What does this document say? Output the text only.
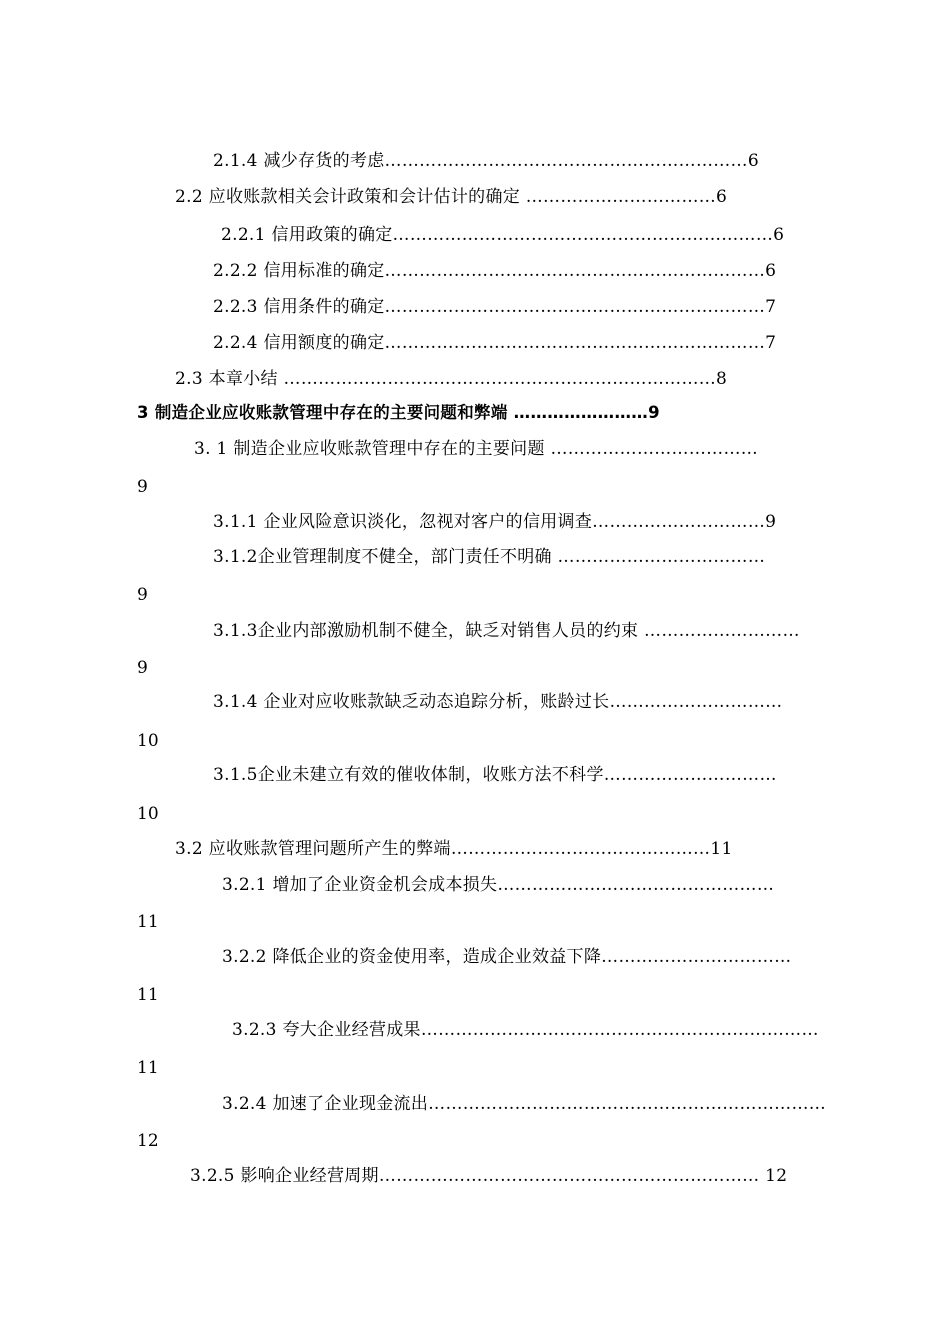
2.1.4 减少存货的考虑………………………………………………………6
2.2 应收账款相关会计政策和会计估计的确定 ……………………………6
2.2.1 信用政策的确定…………………………………………………………6
2.2.2 信用标准的确定…………………………………………………………6
2.2.3 信用条件的确定…………………………………………………………7
2.2.4 信用额度的确定…………………………………………………………7
2.3 本章小结 …………………………………………………………………8
3 制造企业应收账款管理中存在的主要问题和弊端 ……………………9
3. 1 制造企业应收账款管理中存在的主要问题 ………………………………
9
3.1.1 企业风险意识淡化，忽视对客户的信用调查…………………………9
3.1.2企业管理制度不健全，部门责任不明确 ………………………………
9
3.1.3企业内部激励机制不健全，缺乏对销售人员的约束 ………………………
9
3.1.4 企业对应收账款缺乏动态追踪分析，账龄过长…………………………
10
3.1.5企业未建立有效的催收体制，收账方法不科学…………………………
10
3.2 应收账款管理问题所产生的弊端………………………………………11
3.2.1 增加了企业资金机会成本损失…………………………………………
11
3.2.2 降低企业的资金使用率，造成企业效益下降……………………………
11
3.2.3 夸大企业经营成果……………………………………………………………
11
3.2.4 加速了企业现金流出……………………………………………………………
12
3.2.5 影响企业经营周期………………………………………………………… 12
